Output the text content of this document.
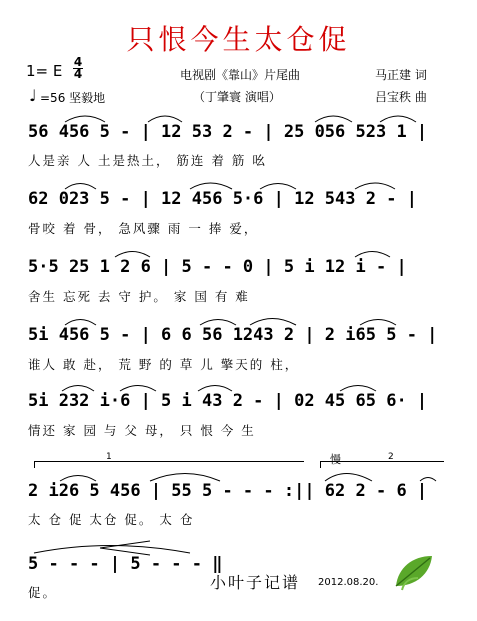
只恨今生太仓促
1= E 4
4
♩ =56 坚毅地
电视剧《靠山》片尾曲
（丁肇寰 演唱）
马正建 词
吕宝秩 曲
56 456 5 - | 12 53 2 - | 25 056 523 1 |
人是亲 人 土是热土， 筋连 着 筋 吆
62 023 5 - | 12 456 5·6 | 12 543 2 - |
骨咬 着 骨， 急风骤 雨 一 捧 爱，
5·5 25 1 2 6 | 5 - - 0 | 5 i 12 i - |
舍生 忘死 去 守 护。 家 国 有 难
5i 456 5 - | 6 6 56 1243 2 | 2 i65 5 - |
谁人 敢 赴， 荒 野 的 草 儿 擎天的 柱，
5i 232 i·6 | 5 i 43 2 - | 02 45 65 6· |
情还 家 园 与 父 母， 只 恨 今 生
1	慢	2
2 i26 5 456 | 55 5 - - - :|| 62 2 - 6 |
太 仓 促 太仓 促。 太 仓
5 - - - | 5 - - - ‖
促。
小叶子记谱 2012.08.20.
